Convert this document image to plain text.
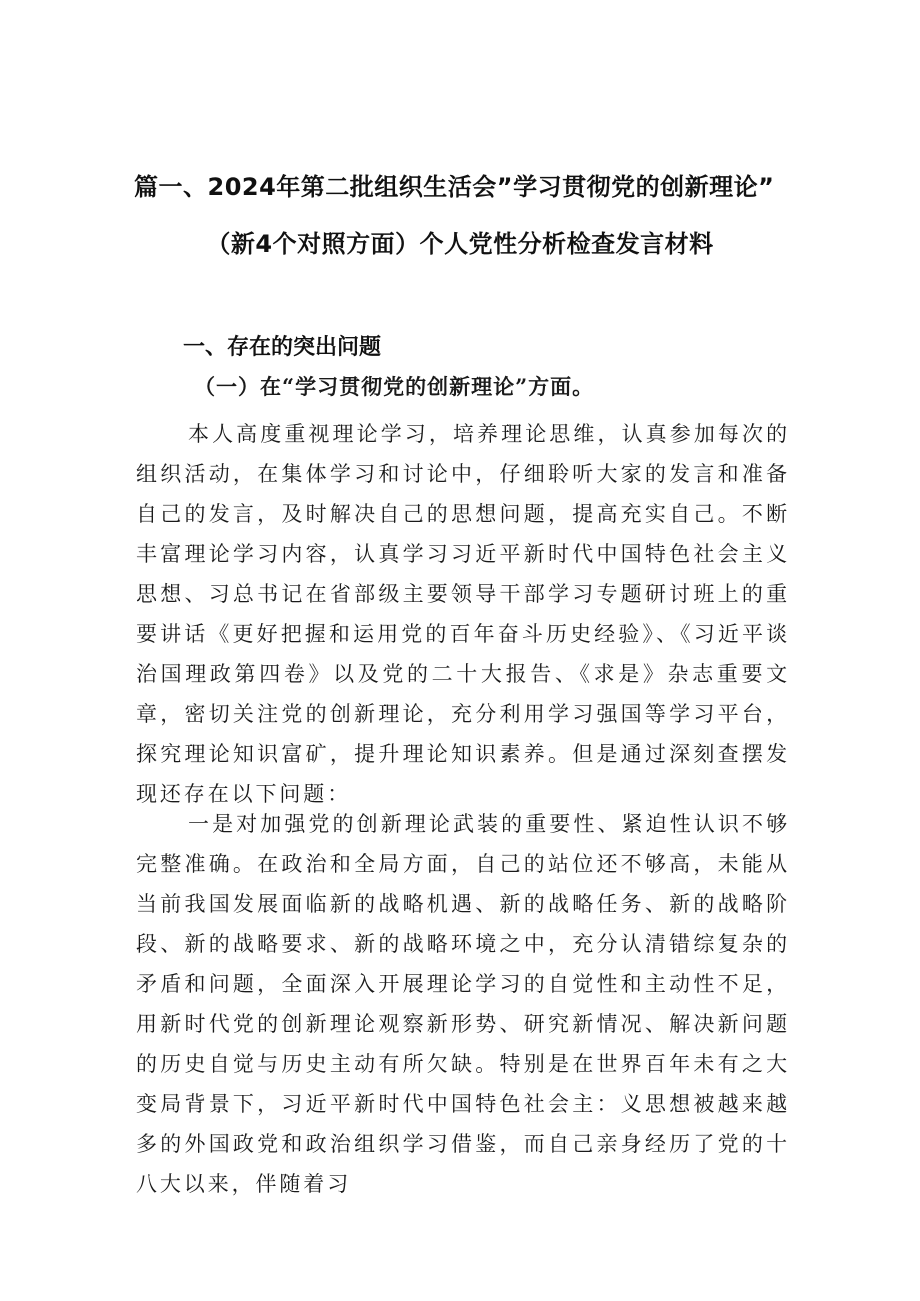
篇一、2024年第二批组织生活会”学习贯彻党的创新理论”
（新4个对照方面）个人党性分析检查发言材料
一、存在的突出问题
（一）在“学习贯彻党的创新理论”方面。

本人高度重视理论学习，培养理论思维，认真参加每次的组织活动，在集体学习和讨论中，仔细聆听大家的发言和准备自己的发言，及时解决自己的思想问题，提高充实自己。不断丰富理论学习内容，认真学习习近平新时代中国特色社会主义思想、习总书记在省部级主要领导干部学习专题研讨班上的重要讲话《更好把握和运用党的百年奋斗历史经验》、《习近平谈治国理政第四卷》以及党的二十大报告、《求是》杂志重要文章，密切关注党的创新理论，充分利用学习强国等学习平台，探究理论知识富矿，提升理论知识素养。但是通过深刻查摆发现还存在以下问题：

一是对加强党的创新理论武装的重要性、紧迫性认识不够完整准确。在政治和全局方面，自己的站位还不够高，未能从当前我国发展面临新的战略机遇、新的战略任务、新的战略阶段、新的战略要求、新的战略环境之中，充分认清错综复杂的矛盾和问题，全面深入开展理论学习的自觉性和主动性不足，用新时代党的创新理论观察新形势、研究新情况、解决新问题的历史自觉与历史主动有所欠缺。特别是在世界百年未有之大变局背景下，习近平新时代中国特色社会主：义思想被越来越多的外国政党和政治组织学习借鉴，而自己亲身经历了党的十八大以来，伴随着习
